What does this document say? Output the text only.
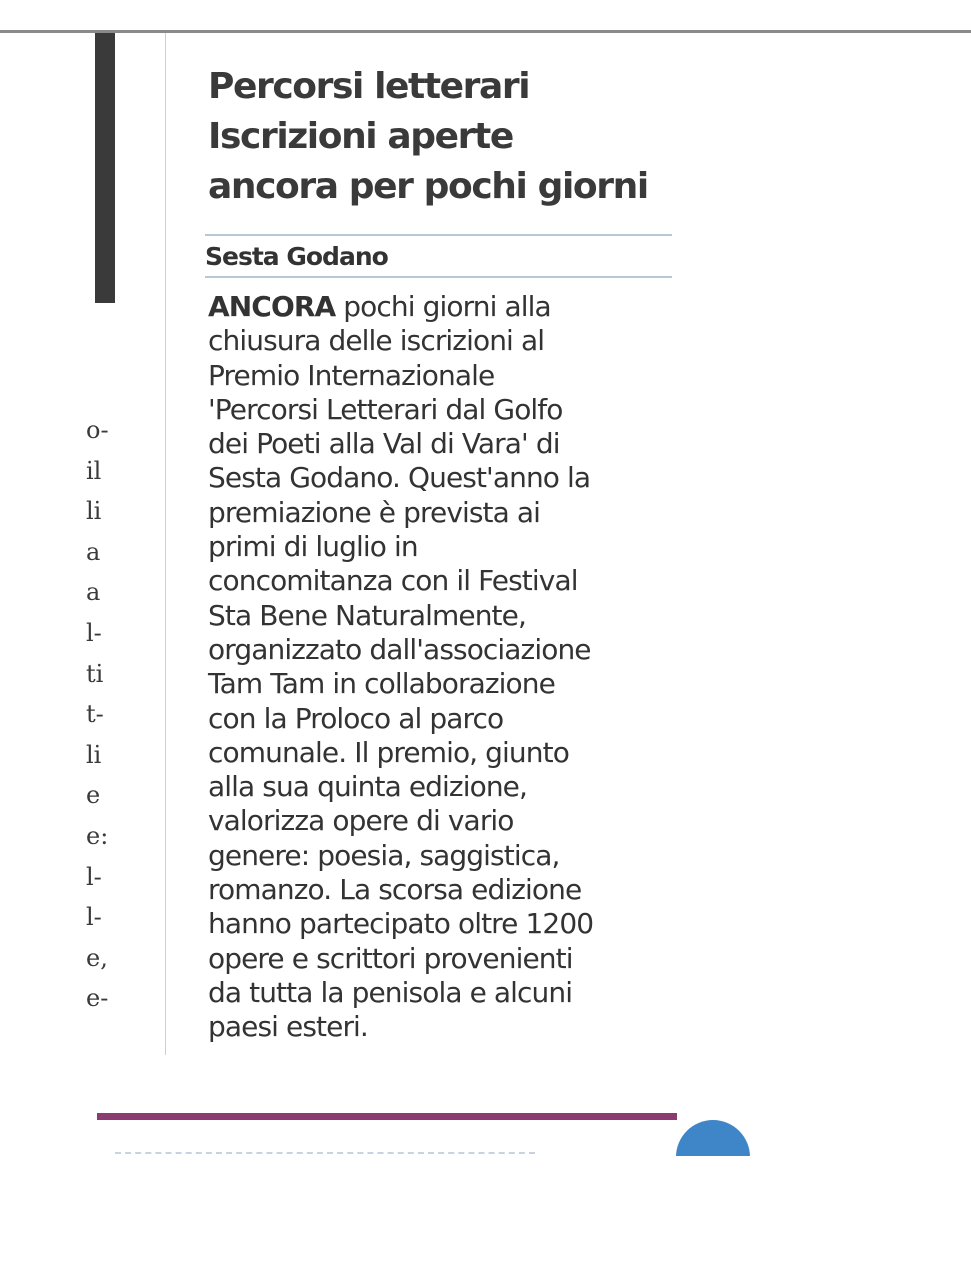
o-
il
li
a
a
l-
ti
t-
li
e
e:
l-
l-
e,
e-
Percorsi letterari
Iscrizioni aperte
ancora per pochi giorni
Sesta Godano
ANCORA pochi giorni alla
chiusura delle iscrizioni al
Premio Internazionale
'Percorsi Letterari dal Golfo
dei Poeti alla Val di Vara' di
Sesta Godano. Quest'anno la
premiazione è prevista ai
primi di luglio in
concomitanza con il Festival
Sta Bene Naturalmente,
organizzato dall'associazione
Tam Tam in collaborazione
con la Proloco al parco
comunale. Il premio, giunto
alla sua quinta edizione,
valorizza opere di vario
genere: poesia, saggistica,
romanzo. La scorsa edizione
hanno partecipato oltre 1200
opere e scrittori provenienti
da tutta la penisola e alcuni
paesi esteri.
